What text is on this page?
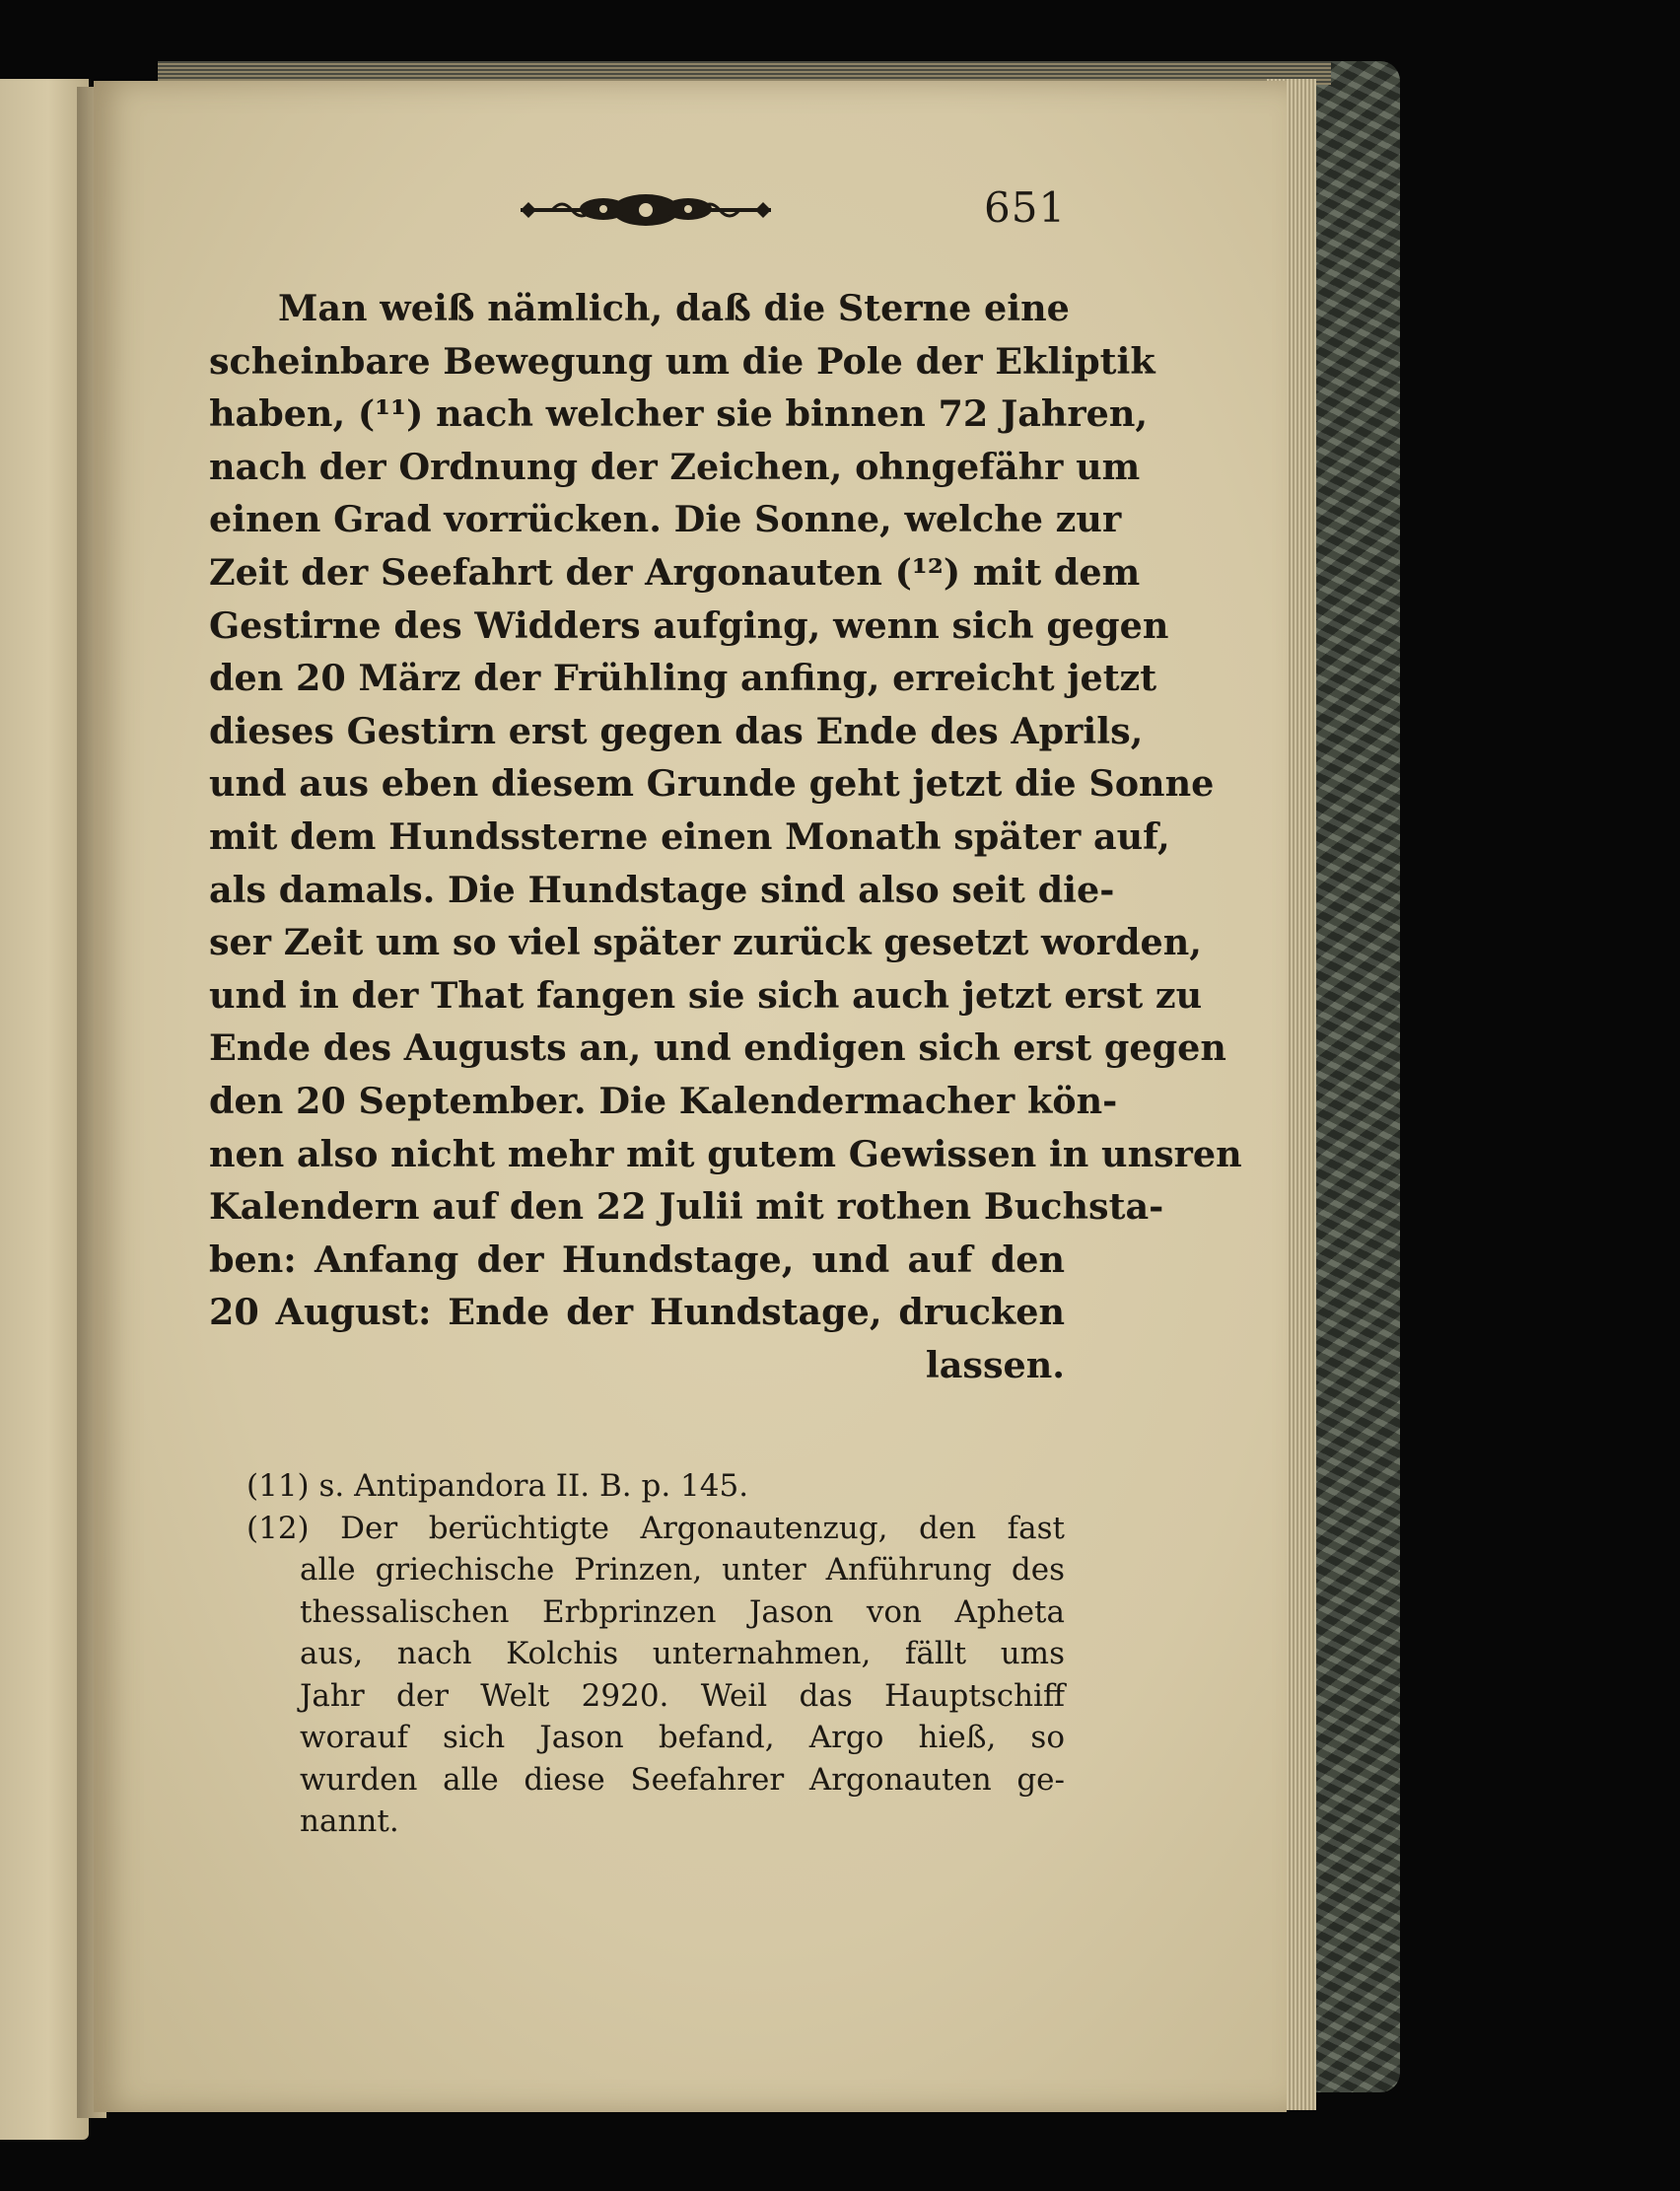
651
Man weiß nämlich, daß die Sterne eine
scheinbare Bewegung um die Pole der Ekliptik
haben, (¹¹) nach welcher sie binnen 72 Jahren,
nach der Ordnung der Zeichen, ohngefähr um
einen Grad vorrücken. Die Sonne, welche zur
Zeit der Seefahrt der Argonauten (¹²) mit dem
Gestirne des Widders aufging, wenn sich gegen
den 20 März der Frühling anfing, erreicht jetzt
dieses Gestirn erst gegen das Ende des Aprils,
und aus eben diesem Grunde geht jetzt die Sonne
mit dem Hundssterne einen Monath später auf,
als damals. Die Hundstage sind also seit die-
ser Zeit um so viel später zurück gesetzt worden,
und in der That fangen sie sich auch jetzt erst zu
Ende des Augusts an, und endigen sich erst gegen
den 20 September. Die Kalendermacher kön-
nen also nicht mehr mit gutem Gewissen in unsren
Kalendern auf den 22 Julii mit rothen Buchsta-
ben: Anfang der Hundstage, und auf den
20 August: Ende der Hundstage, drucken
lassen.
(11) s. Antipandora II. B. p. 145.
(12) Der berüchtigte Argonautenzug, den fast
alle griechische Prinzen, unter Anführung des
thessalischen Erbprinzen Jason von Apheta
aus, nach Kolchis unternahmen, fällt ums
Jahr der Welt 2920. Weil das Hauptschiff
worauf sich Jason befand, Argo hieß, so
wurden alle diese Seefahrer Argonauten ge-
nannt.
